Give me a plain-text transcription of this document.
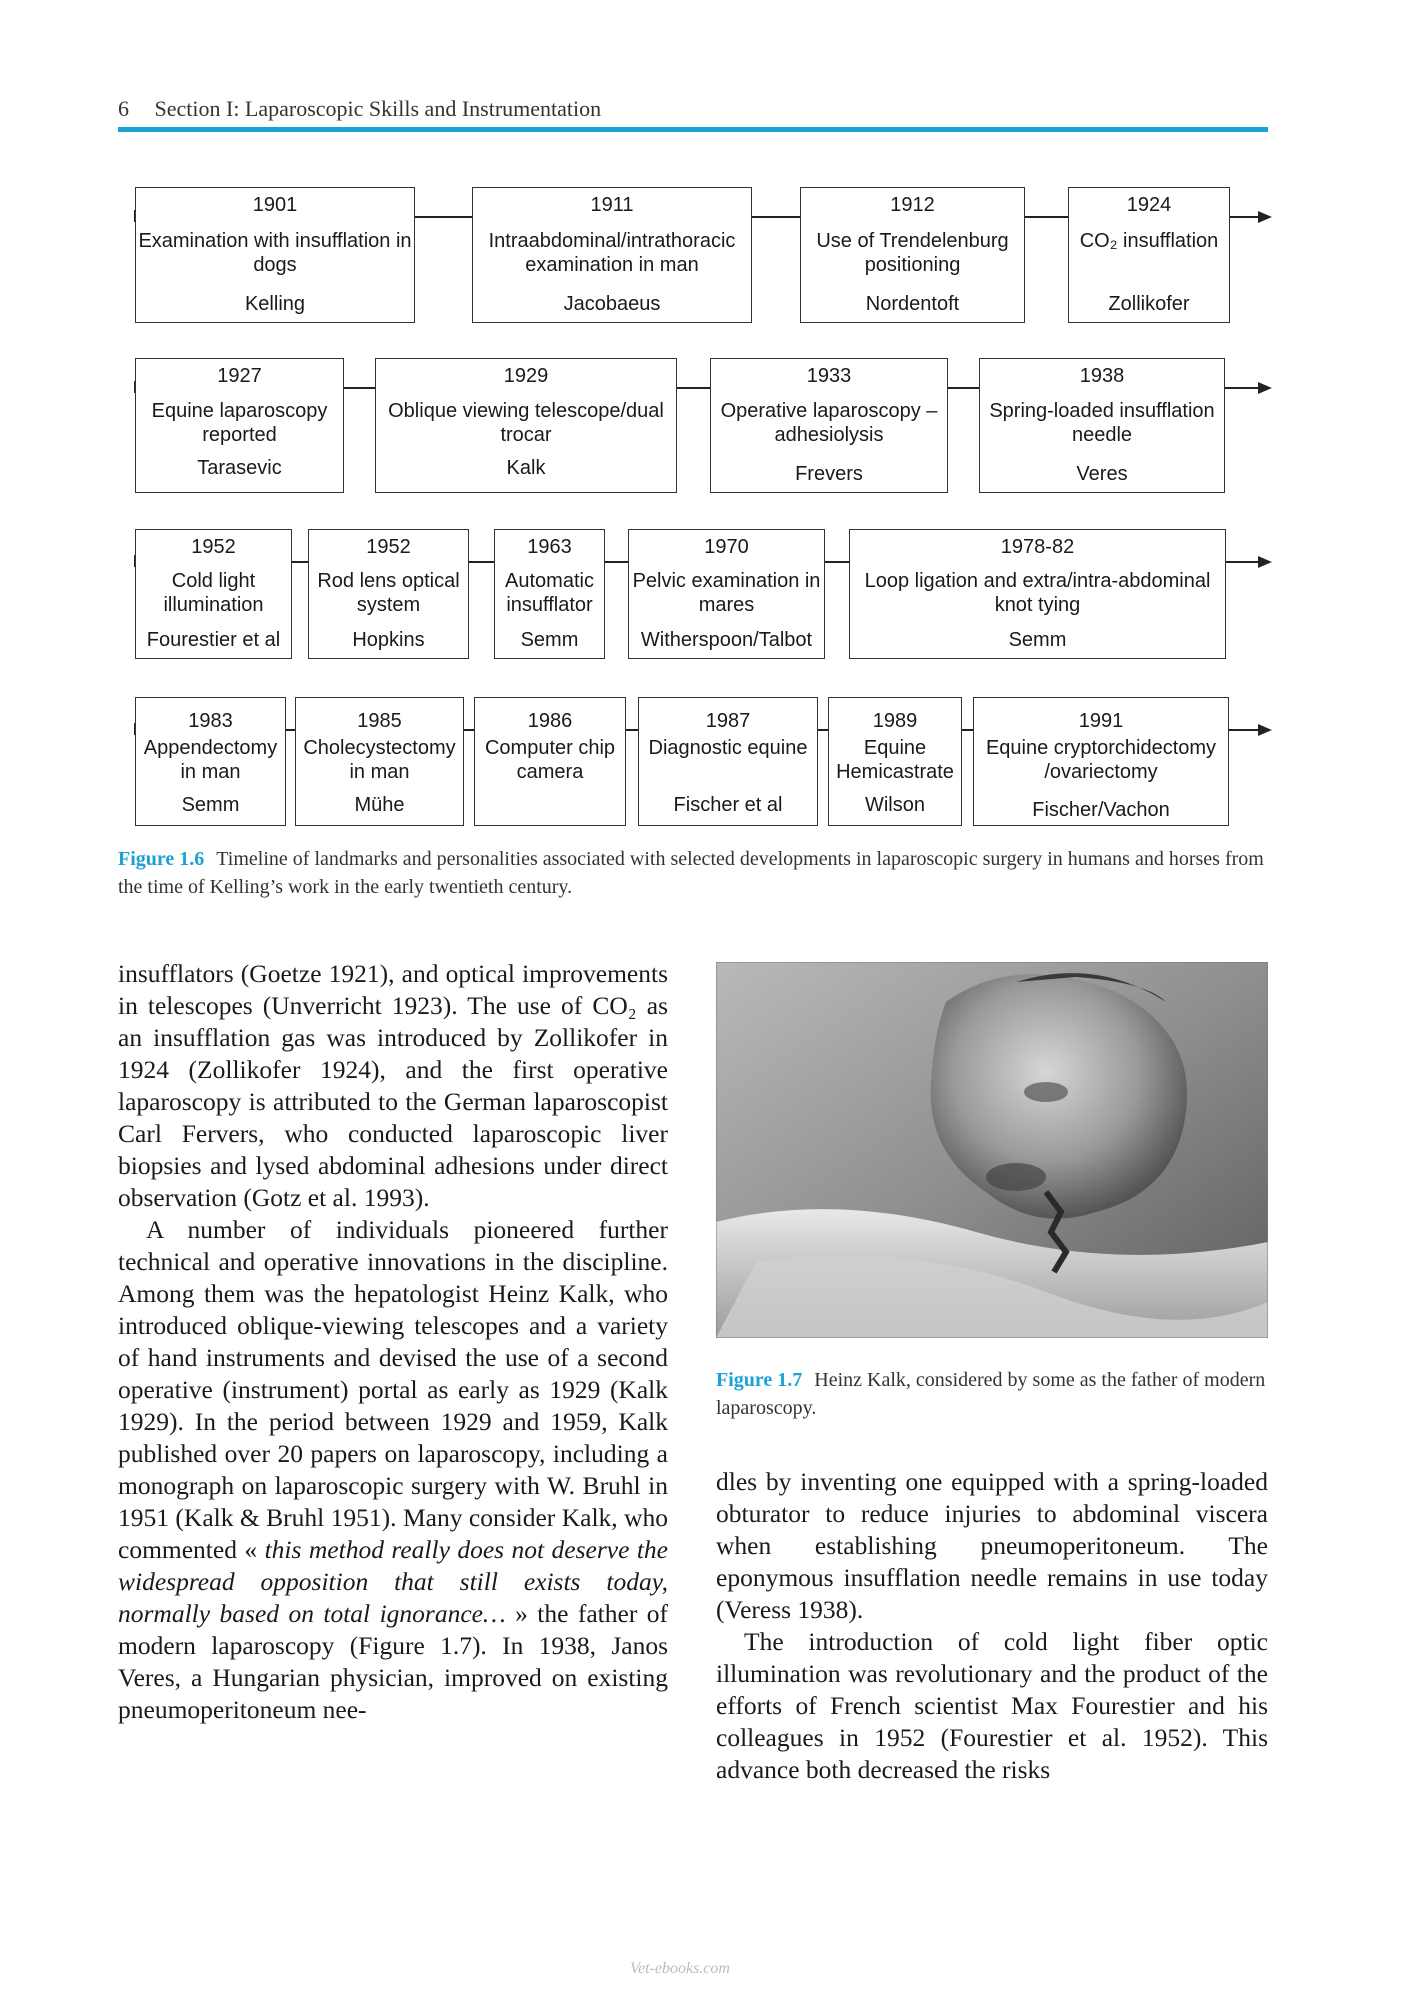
6 Section I: Laparoscopic Skills and Instrumentation
1901
Examination with insufflation in dogs
Kelling
1911
Intraabdominal/intrathoracic examination in man
Jacobaeus
1912
Use of Trendelenburg positioning
Nordentoft
1924
CO₂ insufflation
Zollikofer
1927
Equine laparoscopy reported
Tarasevic
1929
Oblique viewing telescope/dual trocar
Kalk
1933
Operative laparoscopy – adhesiolysis
Frevers
1938
Spring-loaded insufflation needle
Veres
1952
Cold light illumination
Fourestier et al
1952
Rod lens optical system
Hopkins
1963
Automatic insufflator
Semm
1970
Pelvic examination in mares
Witherspoon/Talbot
1978-82
Loop ligation and extra/intra-abdominal knot tying
Semm
1983
Appendectomy in man
Semm
1985
Cholecystectomy in man
Mühe
1986
Computer chip camera
1987
Diagnostic equine
Fischer et al
1989
Equine Hemicastrate
Wilson
1991
Equine cryptorchidectomy /ovariectomy
Fischer/Vachon
Figure 1.6 Timeline of landmarks and personalities associated with selected developments in laparoscopic surgery in humans and horses from the time of Kelling’s work in the early twentieth century.

insufflators (Goetze 1921), and optical improvements in telescopes (Unverricht 1923). The use of CO₂ as an insufflation gas was introduced by Zollikofer in 1924 (Zollikofer 1924), and the first operative laparoscopy is attributed to the German laparoscopist Carl Fervers, who conducted laparoscopic liver biopsies and lysed abdominal adhesions under direct observation (Gotz et al. 1993).

A number of individuals pioneered further technical and operative innovations in the discipline. Among them was the hepatologist Heinz Kalk, who introduced oblique-viewing telescopes and a variety of hand instruments and devised the use of a second operative (instrument) portal as early as 1929 (Kalk 1929). In the period between 1929 and 1959, Kalk published over 20 papers on laparoscopy, including a monograph on laparoscopic surgery with W. Bruhl in 1951 (Kalk & Bruhl 1951). Many consider Kalk, who commented « this method really does not deserve the widespread opposition that still exists today, normally based on total ignorance… » the father of modern laparoscopy (Figure 1.7). In 1938, Janos Veres, a Hungarian physician, improved on existing pneumoperitoneum nee-

Figure 1.7 Heinz Kalk, considered by some as the father of modern laparoscopy.

dles by inventing one equipped with a spring-loaded obturator to reduce injuries to abdominal viscera when establishing pneumoperitoneum. The eponymous insufflation needle remains in use today (Veress 1938).

The introduction of cold light fiber optic illumination was revolutionary and the product of the efforts of French scientist Max Fourestier and his colleagues in 1952 (Fourestier et al. 1952). This advance both decreased the risks

Vet-ebooks.com
